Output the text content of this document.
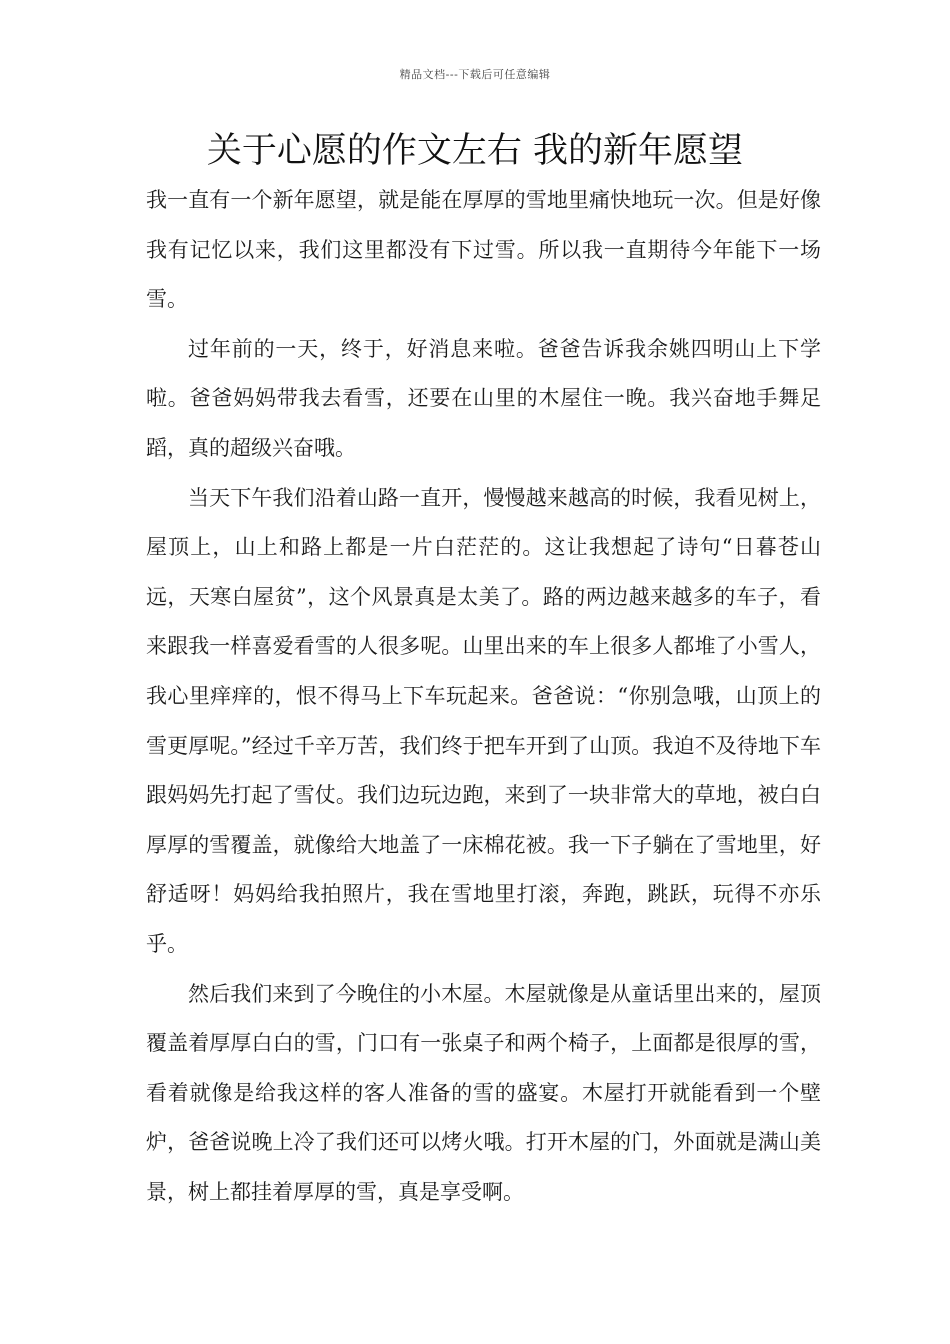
精品文档---下载后可任意编辑
关于心愿的作文左右 我的新年愿望

我一直有一个新年愿望，就是能在厚厚的雪地里痛快地玩一次。但是好像我有记忆以来，我们这里都没有下过雪。所以我一直期待今年能下一场雪。

过年前的一天，终于，好消息来啦。爸爸告诉我余姚四明山上下学啦。爸爸妈妈带我去看雪，还要在山里的木屋住一晚。我兴奋地手舞足蹈，真的超级兴奋哦。

当天下午我们沿着山路一直开，慢慢越来越高的时候，我看见树上，屋顶上，山上和路上都是一片白茫茫的。这让我想起了诗句“日暮苍山远，天寒白屋贫”，这个风景真是太美了。路的两边越来越多的车子，看来跟我一样喜爱看雪的人很多呢。山里出来的车上很多人都堆了小雪人，我心里痒痒的，恨不得马上下车玩起来。爸爸说：“你别急哦，山顶上的雪更厚呢。”经过千辛万苦，我们终于把车开到了山顶。我迫不及待地下车跟妈妈先打起了雪仗。我们边玩边跑，来到了一块非常大的草地，被白白厚厚的雪覆盖，就像给大地盖了一床棉花被。我一下子躺在了雪地里，好舒适呀！妈妈给我拍照片，我在雪地里打滚，奔跑，跳跃，玩得不亦乐乎。

然后我们来到了今晚住的小木屋。木屋就像是从童话里出来的，屋顶覆盖着厚厚白白的雪，门口有一张桌子和两个椅子，上面都是很厚的雪，看着就像是给我这样的客人准备的雪的盛宴。木屋打开就能看到一个壁炉，爸爸说晚上冷了我们还可以烤火哦。打开木屋的门，外面就是满山美景，树上都挂着厚厚的雪，真是享受啊。
